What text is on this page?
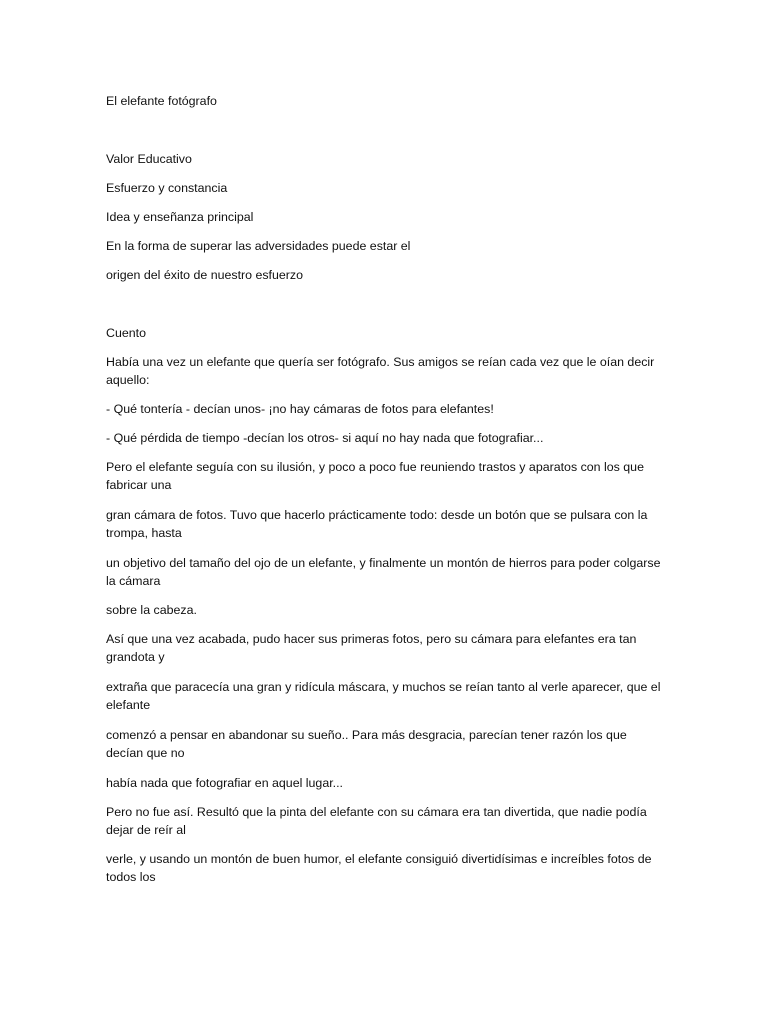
El elefante fotógrafo
Valor Educativo
Esfuerzo y constancia
Idea y enseñanza principal
En la forma de superar las adversidades puede estar el
origen del éxito de nuestro esfuerzo
Cuento
Había una vez un elefante que quería ser fotógrafo. Sus amigos se reían cada vez que le oían decir aquello:
- Qué tontería - decían unos- ¡no hay cámaras de fotos para elefantes!
- Qué pérdida de tiempo -decían los otros- si aquí no hay nada que fotografiar...
Pero el elefante seguía con su ilusión, y poco a poco fue reuniendo trastos y aparatos con los que fabricar una
gran cámara de fotos. Tuvo que hacerlo prácticamente todo: desde un botón que se pulsara con la trompa, hasta
un objetivo del tamaño del ojo de un elefante, y finalmente un montón de hierros para poder colgarse la cámara
sobre la cabeza.
Así que una vez acabada, pudo hacer sus primeras fotos, pero su cámara para elefantes era tan grandota y
extraña que paracecía una gran y ridícula máscara, y muchos se reían tanto al verle aparecer, que el elefante
comenzó a pensar en abandonar su sueño.. Para más desgracia, parecían tener razón los que decían que no
había nada que fotografiar en aquel lugar...
Pero no fue así. Resultó que la pinta del elefante con su cámara era tan divertida, que nadie podía dejar de reír al
verle, y usando un montón de buen humor, el elefante consiguió divertidísimas e increíbles fotos de todos los
